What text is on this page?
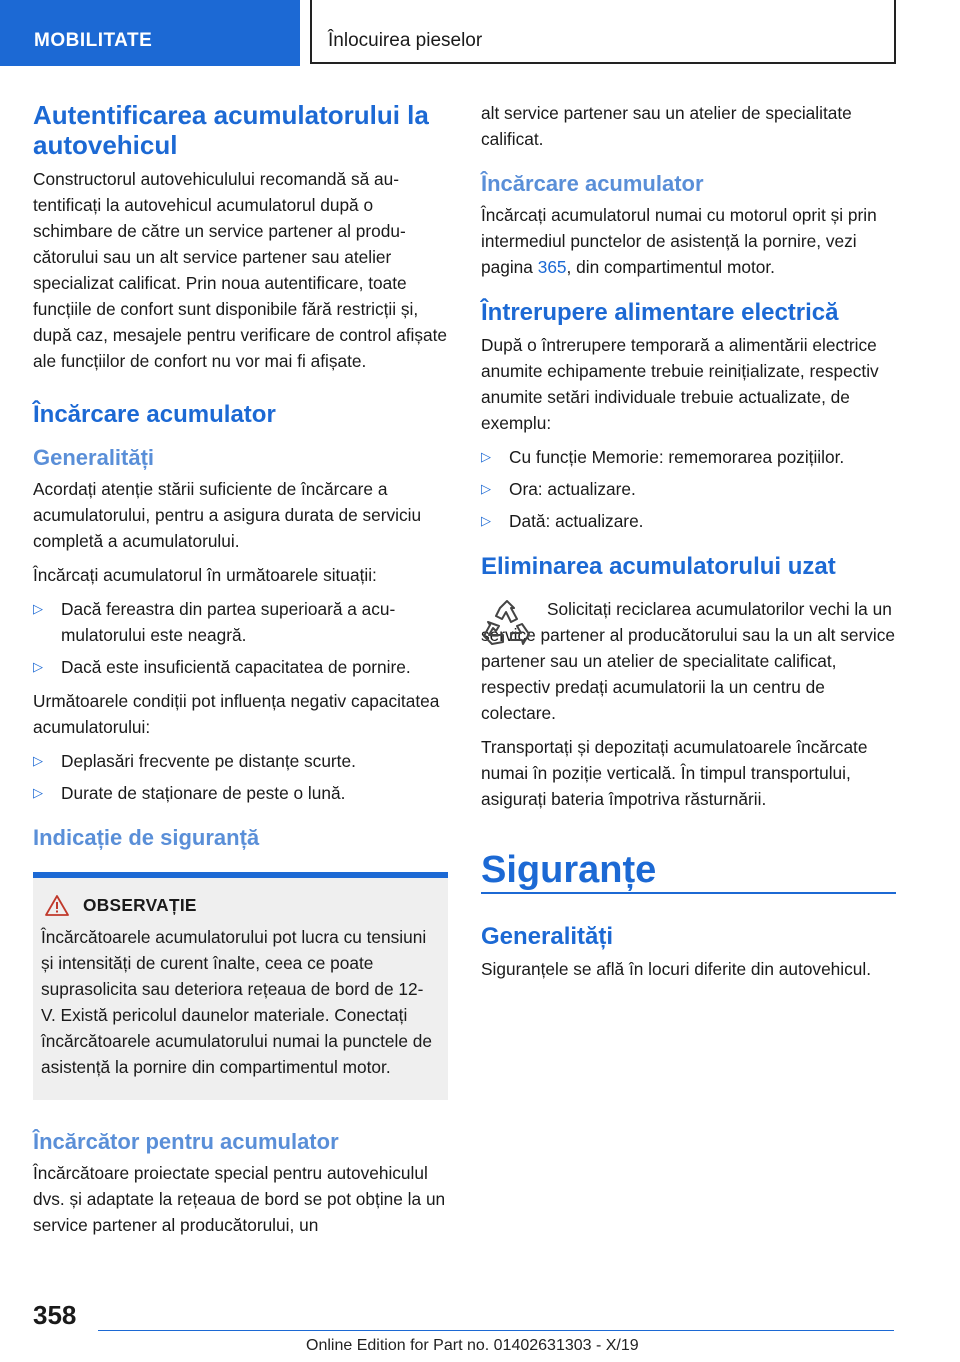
MOBILITATE	Înlocuirea pieselor
Autentificarea acumulatorului la autovehicul

Constructorul autovehiculului recomandă să autentificați la autovehicul acumulatorul după o schimbare de către un service partener al producătorului sau un alt service partener sau atelier specializat calificat. Prin noua autentificare, toate funcțiile de confort sunt disponibile fără restricții și, după caz, mesajele pentru verificare de control afișate ale funcțiilor de confort nu vor mai fi afișate.

Încărcare acumulator
Generalități

Acordați atenție stării suficiente de încărcare a acumulatorului, pentru a asigura durata de serviciu completă a acumulatorului.

Încărcați acumulatorul în următoarele situații:

▷ Dacă fereastra din partea superioară a acumulatorului este neagră.
▷ Dacă este insuficientă capacitatea de pornire.

Următoarele condiții pot influența negativ capacitatea acumulatorului:

▷ Deplasări frecvente pe distanțe scurte.
▷ Durate de staționare de peste o lună.
Indicație de siguranță
OBSERVAȚIE

Încărcătoarele acumulatorului pot lucra cu tensiuni și intensități de curent înalte, ceea ce poate suprasolicita sau deteriora rețeaua de bord de 12-V. Există pericolul daunelor materiale. Conectați încărcătoarele acumulatorului numai la punctele de asistență la pornire din compartimentul motor.

Încărcător pentru acumulator

Încărcătoare proiectate special pentru autovehiculul dvs. și adaptate la rețeaua de bord se pot obține la un service partener al producătorului, un

alt service partener sau un atelier de specialitate calificat.

Încărcare acumulator

Încărcați acumulatorul numai cu motorul oprit și prin intermediul punctelor de asistență la pornire, vezi pagina 365, din compartimentul motor.

Întrerupere alimentare electrică

După o întrerupere temporară a alimentării electrice anumite echipamente trebuie reinițializate, respectiv anumite setări individuale trebuie actualizate, de exemplu:

▷ Cu funcție Memorie: rememorarea pozițiilor.
▷ Ora: actualizare.
▷ Dată: actualizare.
Eliminarea acumulatorului uzat

Solicitați reciclarea acumulatorilor vechi la un service partener al producătorului sau la un alt service partener sau un atelier de specialitate calificat, respectiv predați acumulatorii la un centru de colectare.

Transportați și depozitați acumulatoarele încărcate numai în poziție verticală. În timpul transportului, asigurați bateria împotriva răsturnării.

Siguranțe
Generalități

Siguranțele se află în locuri diferite din autovehicul.

358
Online Edition for Part no. 01402631303 - X/19
